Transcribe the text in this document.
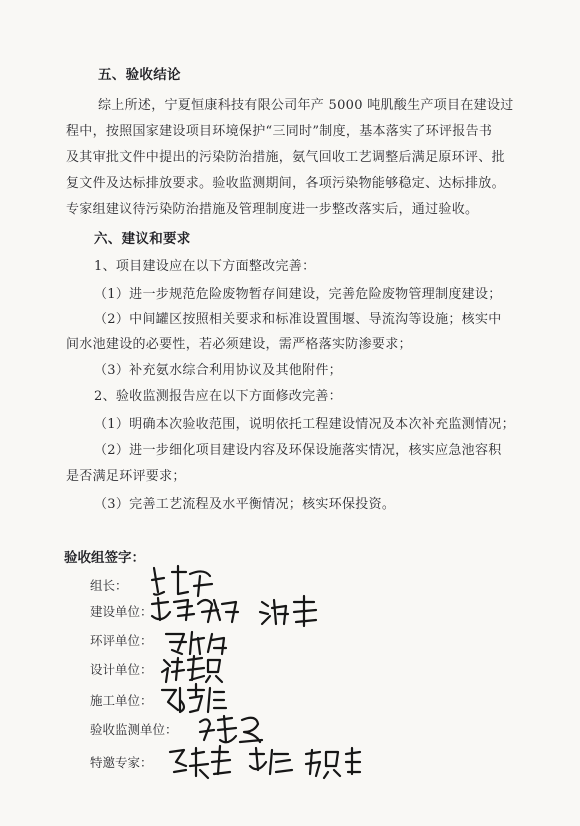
五、验收结论
综上所述，宁夏恒康科技有限公司年产 5000 吨肌酸生产项目在建设过
程中，按照国家建设项目环境保护“三同时”制度，基本落实了环评报告书
及其审批文件中提出的污染防治措施，氨气回收工艺调整后满足原环评、批
复文件及达标排放要求。验收监测期间，各项污染物能够稳定、达标排放。
专家组建议待污染防治措施及管理制度进一步整改落实后，通过验收。
六、建议和要求
1、项目建设应在以下方面整改完善：
（1）进一步规范危险废物暂存间建设，完善危险废物管理制度建设；
（2）中间罐区按照相关要求和标准设置围堰、导流沟等设施；核实中
间水池建设的必要性，若必须建设，需严格落实防渗要求；
（3）补充氨水综合利用协议及其他附件；
2、验收监测报告应在以下方面修改完善：
（1）明确本次验收范围，说明依托工程建设情况及本次补充监测情况；
（2）进一步细化项目建设内容及环保设施落实情况，核实应急池容积
是否满足环评要求；
（3）完善工艺流程及水平衡情况；核实环保投资。
验收组签字：
组长：
建设单位：
环评单位：
设计单位：
施工单位：
验收监测单位：
特邀专家：
